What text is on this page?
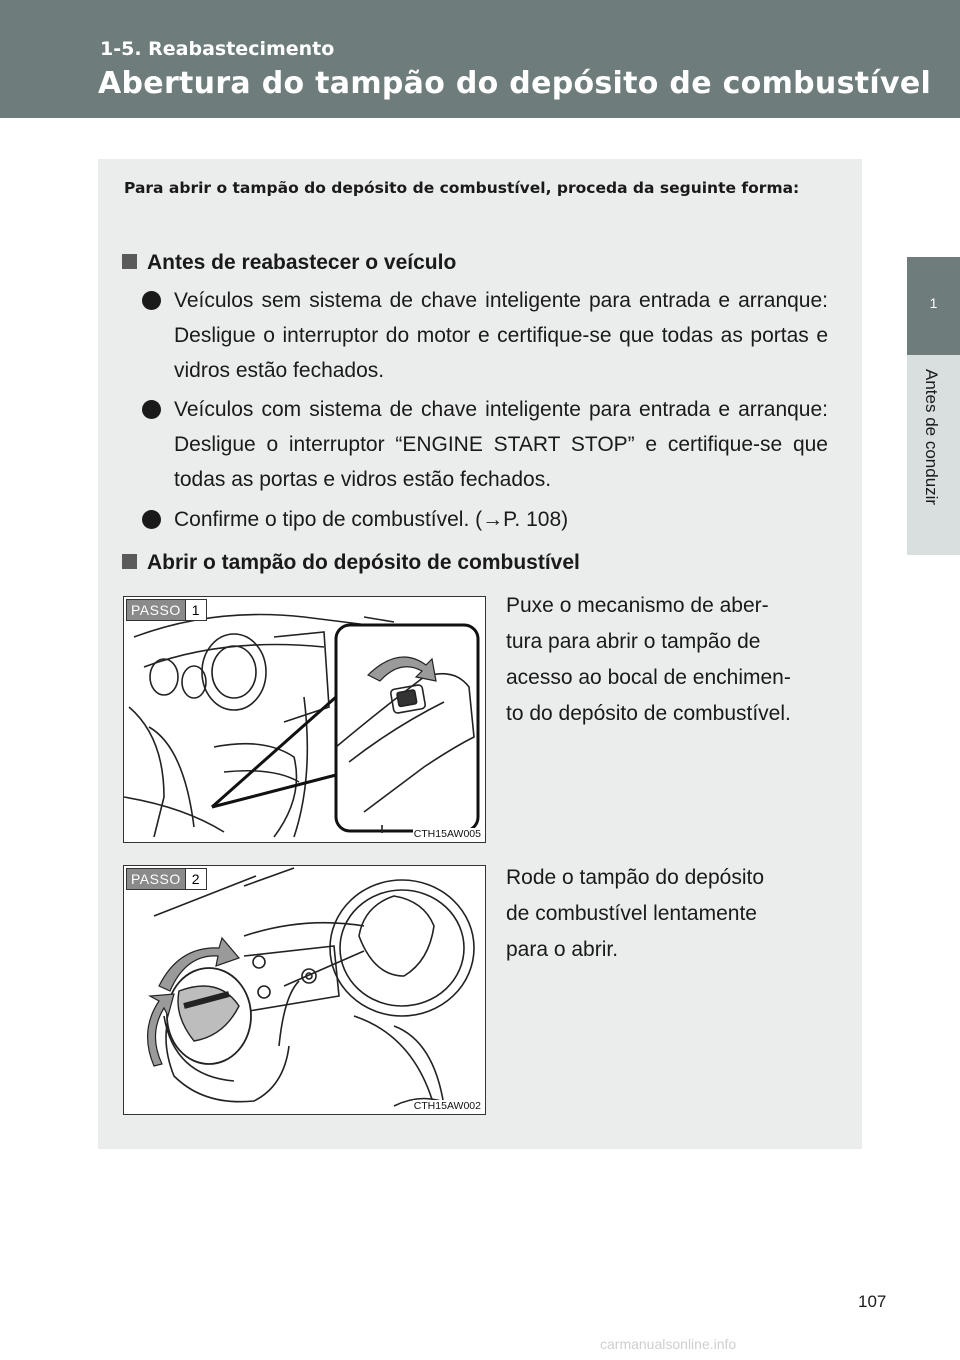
1-5. Reabastecimento
Abertura do tampão do depósito de combustível
1
Antes de conduzir
Para abrir o tampão do depósito de combustível, proceda da seguinte forma:
Antes de reabastecer o veículo
Veículos sem sistema de chave inteligente para entrada e arranque: Desligue o interruptor do motor e certifique-se que todas as portas e vidros estão fechados.
Veículos com sistema de chave inteligente para entrada e arranque: Desligue o interruptor “ENGINE START STOP” e certifique-se que todas as portas e vidros estão fechados.
Confirme o tipo de combustível. (→P. 108)
Abrir o tampão do depósito de combustível
PASSO 1
CTH15AW005
Puxe o mecanismo de aber-
tura para abrir o tampão de
acesso ao bocal de enchimen-
to do depósito de combustível.
PASSO 2
CTH15AW002
Rode o tampão do depósito
de combustível lentamente
para o abrir.
107
carmanualsonline.info
